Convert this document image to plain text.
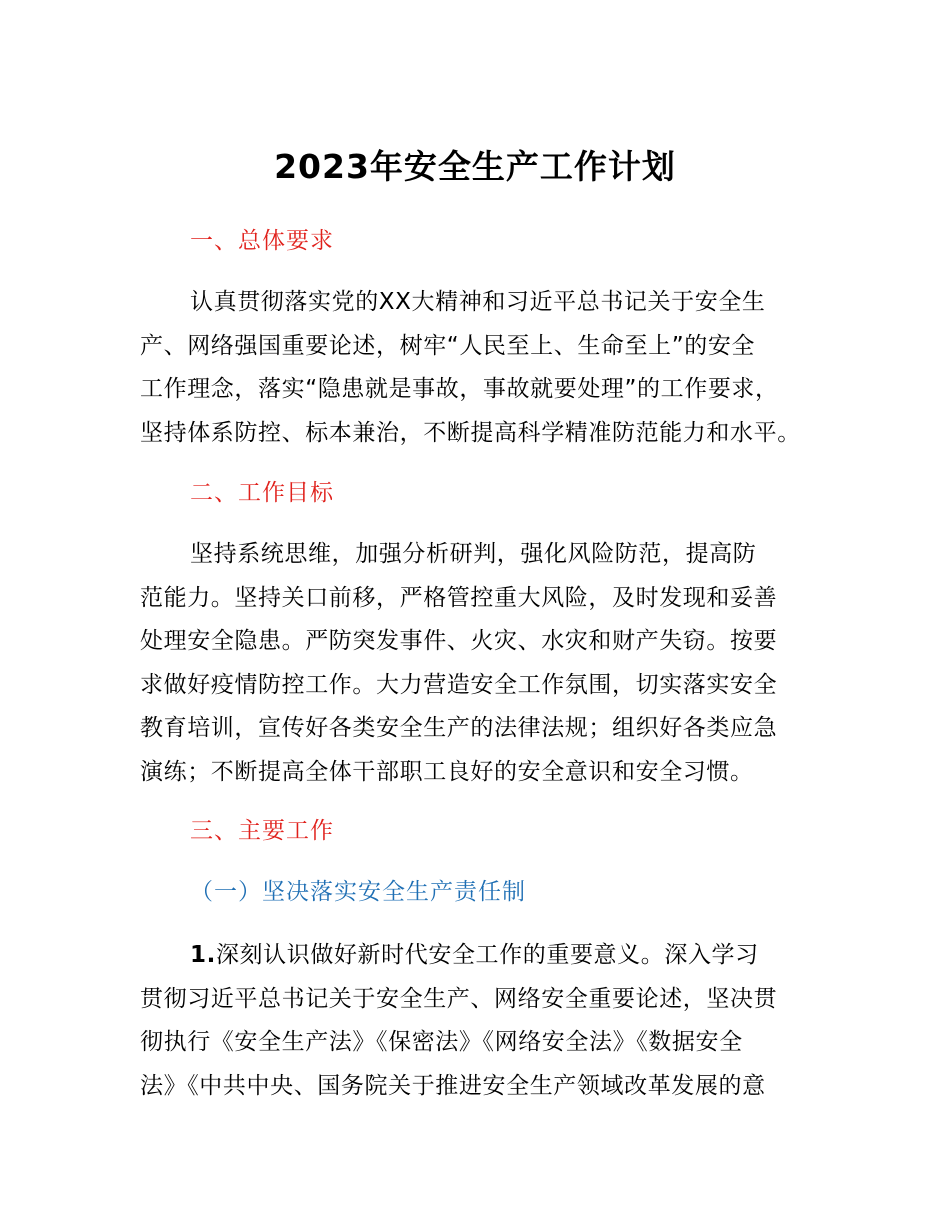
2023年安全生产工作计划
一、总体要求
认真贯彻落实党的XX大精神和习近平总书记关于安全生
产、网络强国重要论述，树牢“人民至上、生命至上”的安全
工作理念，落实“隐患就是事故，事故就要处理”的工作要求，
坚持体系防控、标本兼治，不断提高科学精准防范能力和水平。
二、工作目标
坚持系统思维，加强分析研判，强化风险防范，提高防
范能力。坚持关口前移，严格管控重大风险，及时发现和妥善
处理安全隐患。严防突发事件、火灾、水灾和财产失窃。按要
求做好疫情防控工作。大力营造安全工作氛围，切实落实安全
教育培训，宣传好各类安全生产的法律法规；组织好各类应急
演练；不断提高全体干部职工良好的安全意识和安全习惯。
三、主要工作
（一）坚决落实安全生产责任制
1.深刻认识做好新时代安全工作的重要意义。深入学习
贯彻习近平总书记关于安全生产、网络安全重要论述，坚决贯
彻执行《安全生产法》《保密法》《网络安全法》《数据安全
法》《中共中央、国务院关于推进安全生产领域改革发展的意
